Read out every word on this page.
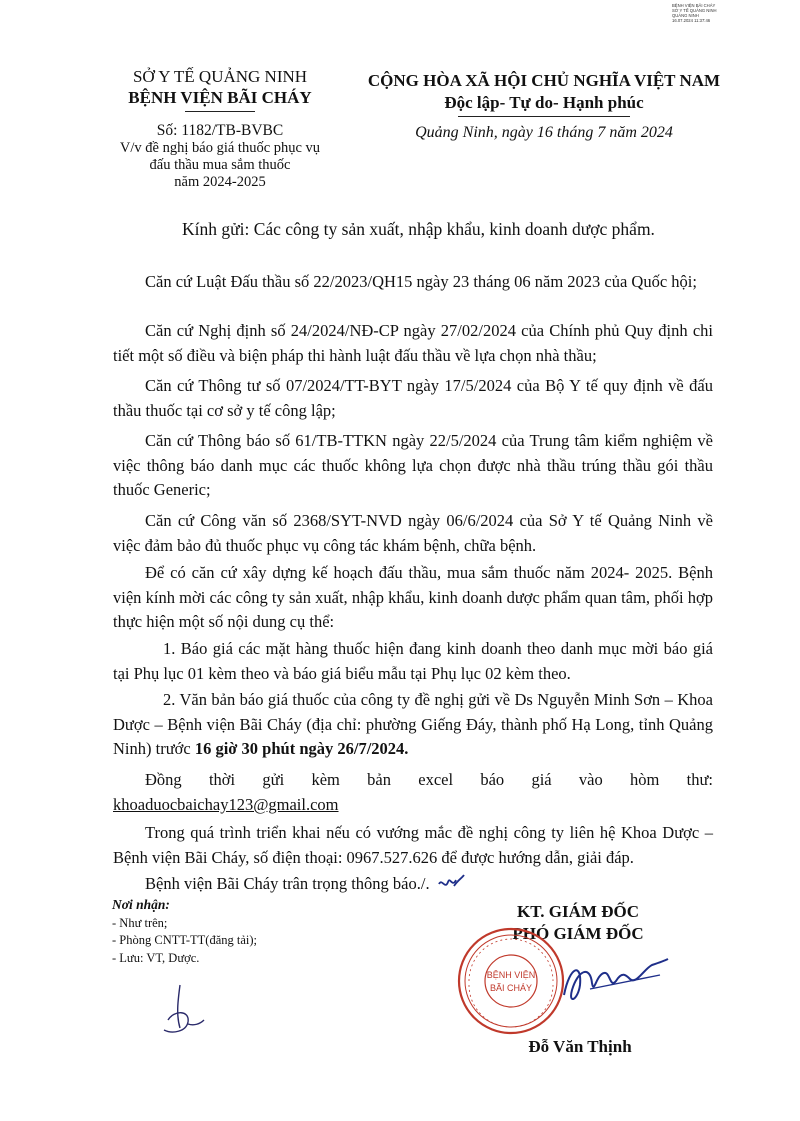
BỆNH VIỆN BÃI CHÁY
SỞ Y TẾ QUẢNG NINH
QUẢNG NINH
16.07.2024 11:37:46
SỞ Y TẾ QUẢNG NINH
BỆNH VIỆN BÃI CHÁY
Số: 1182/TB-BVBC
V/v đề nghị báo giá thuốc phục vụ
đấu thầu mua sắm thuốc
năm 2024-2025
CỘNG HÒA XÃ HỘI CHỦ NGHĨA VIỆT NAM
Độc lập- Tự do- Hạnh phúc
Quảng Ninh, ngày 16 tháng 7 năm 2024
Kính gửi: Các công ty sản xuất, nhập khẩu, kinh doanh dược phẩm.
Căn cứ Luật Đấu thầu số 22/2023/QH15 ngày 23 tháng 06 năm 2023 của Quốc hội;
Căn cứ Nghị định số 24/2024/NĐ-CP ngày 27/02/2024 của Chính phủ Quy định chi tiết một số điều và biện pháp thi hành luật đấu thầu về lựa chọn nhà thầu;
Căn cứ Thông tư số 07/2024/TT-BYT ngày 17/5/2024 của Bộ Y tế quy định về đấu thầu thuốc tại cơ sở y tế công lập;
Căn cứ Thông báo số 61/TB-TTKN ngày 22/5/2024 của Trung tâm kiểm nghiệm về việc thông báo danh mục các thuốc không lựa chọn được nhà thầu trúng thầu gói thầu thuốc Generic;
Căn cứ Công văn số 2368/SYT-NVD ngày 06/6/2024 của Sở Y tế Quảng Ninh về việc đảm bảo đủ thuốc phục vụ công tác khám bệnh, chữa bệnh.
Để có căn cứ xây dựng kế hoạch đấu thầu, mua sắm thuốc năm 2024- 2025. Bệnh viện kính mời các công ty sản xuất, nhập khẩu, kinh doanh dược phẩm quan tâm, phối hợp thực hiện một số nội dung cụ thể:
1. Báo giá các mặt hàng thuốc hiện đang kinh doanh theo danh mục mời báo giá tại Phụ lục 01 kèm theo và báo giá biểu mẫu tại Phụ lục 02 kèm theo.
2. Văn bản báo giá thuốc của công ty đề nghị gửi về Ds Nguyễn Minh Sơn – Khoa Dược – Bệnh viện Bãi Cháy (địa chỉ: phường Giếng Đáy, thành phố Hạ Long, tỉnh Quảng Ninh) trước 16 giờ 30 phút ngày 26/7/2024.
Đồng thời gửi kèm bản excel báo giá vào hòm thư:
khoaduocbaichay123@gmail.com
Trong quá trình triển khai nếu có vướng mắc đề nghị công ty liên hệ Khoa Dược – Bệnh viện Bãi Cháy, số điện thoại: 0967.527.626 để được hướng dẫn, giải đáp.
Bệnh viện Bãi Cháy trân trọng thông báo./.
Nơi nhận:
- Như trên;
- Phòng CNTT-TT(đăng tải);
- Lưu: VT, Dược.
KT. GIÁM ĐỐC
PHÓ GIÁM ĐỐC
BỆNH VIỆN
BÃI CHÁY
Đỗ Văn Thịnh
